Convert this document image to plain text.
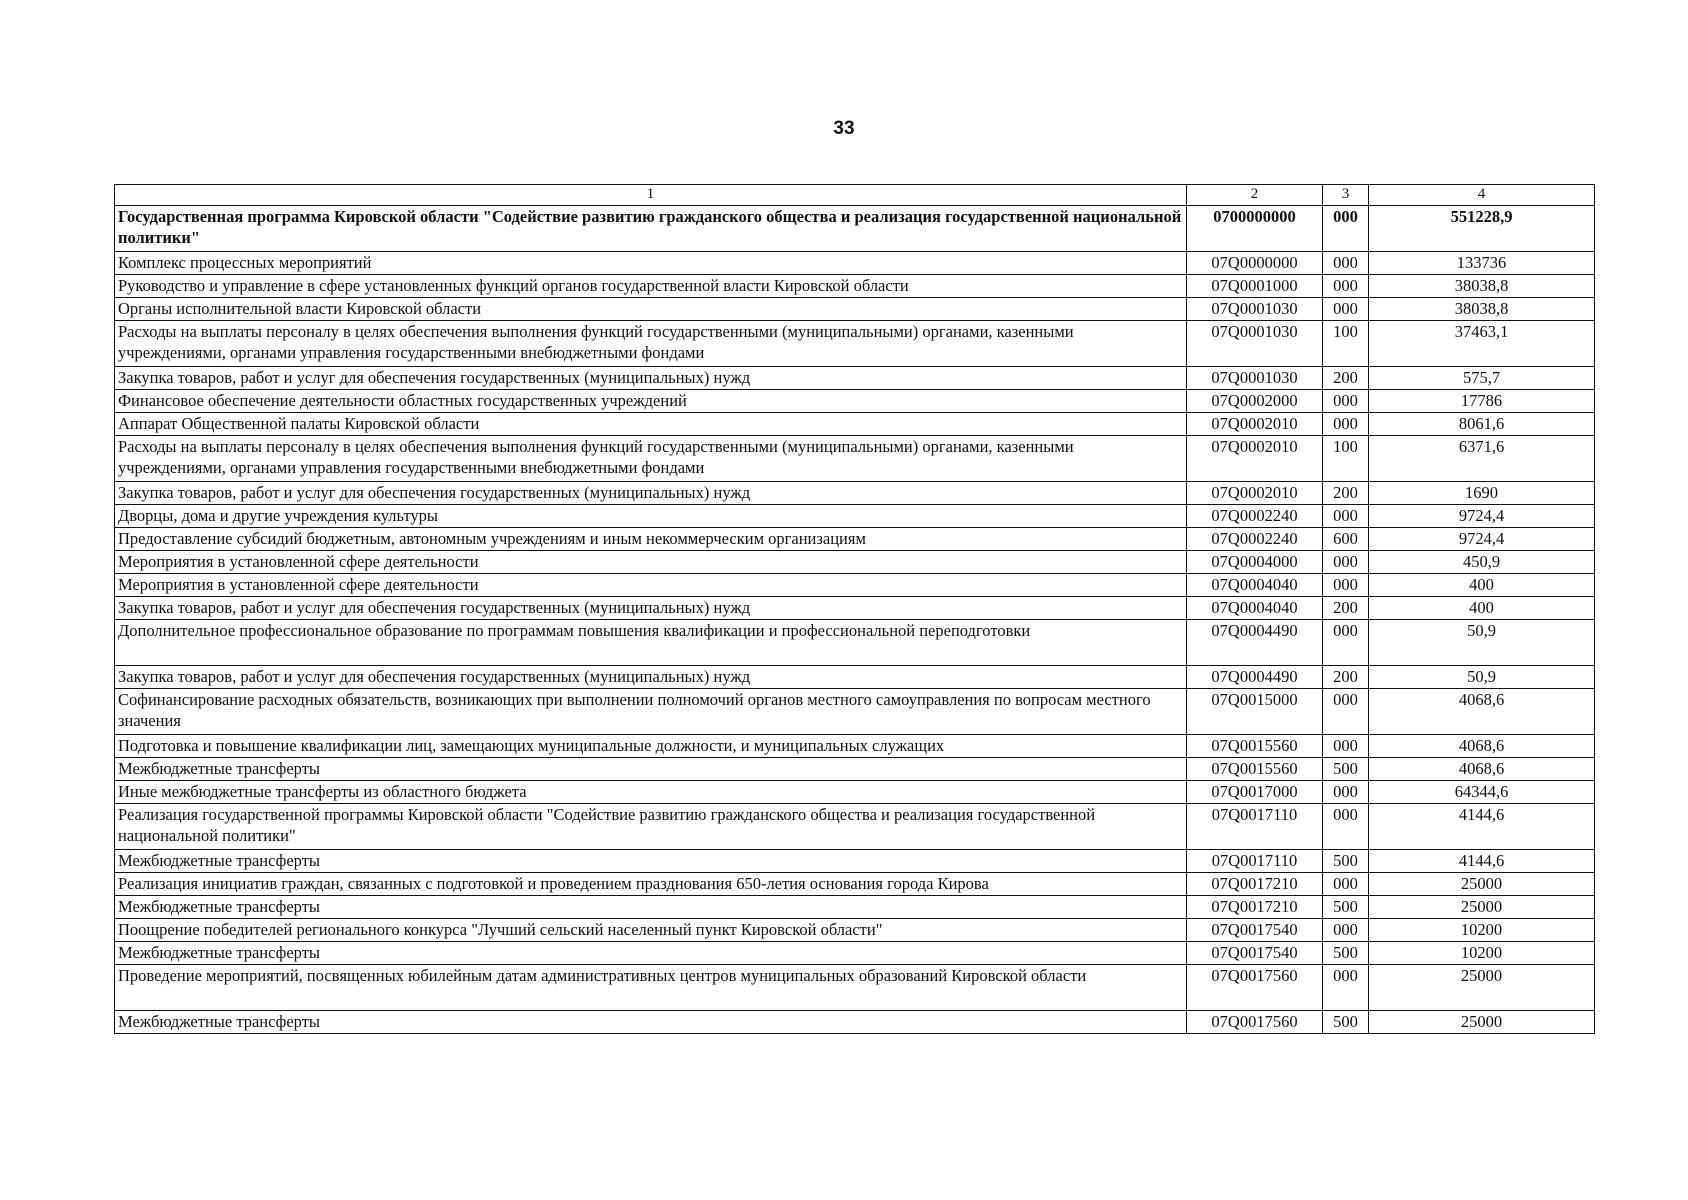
33
1	2	3	4
Государственная программа Кировской области "Содействие развитию гражданского общества и реализация государственной национальной политики"	0700000000	000	551228,9
Комплекс процессных мероприятий	07Q0000000	000	133736
Руководство и управление в сфере установленных функций органов государственной власти Кировской области	07Q0001000	000	38038,8
Органы исполнительной власти Кировской области	07Q0001030	000	38038,8
Расходы на выплаты персоналу в целях обеспечения выполнения функций государственными (муниципальными) органами, казенными учреждениями, органами управления государственными внебюджетными фондами	07Q0001030	100	37463,1
Закупка товаров, работ и услуг для обеспечения государственных (муниципальных) нужд	07Q0001030	200	575,7
Финансовое обеспечение деятельности областных государственных учреждений	07Q0002000	000	17786
Аппарат Общественной палаты Кировской области	07Q0002010	000	8061,6
Расходы на выплаты персоналу в целях обеспечения выполнения функций государственными (муниципальными) органами, казенными учреждениями, органами управления государственными внебюджетными фондами	07Q0002010	100	6371,6
Закупка товаров, работ и услуг для обеспечения государственных (муниципальных) нужд	07Q0002010	200	1690
Дворцы, дома и другие учреждения культуры	07Q0002240	000	9724,4
Предоставление субсидий бюджетным, автономным учреждениям и иным некоммерческим организациям	07Q0002240	600	9724,4
Мероприятия в установленной сфере деятельности	07Q0004000	000	450,9
Мероприятия в установленной сфере деятельности	07Q0004040	000	400
Закупка товаров, работ и услуг для обеспечения государственных (муниципальных) нужд	07Q0004040	200	400
Дополнительное профессиональное образование по программам повышения квалификации и профессиональной переподготовки	07Q0004490	000	50,9
Закупка товаров, работ и услуг для обеспечения государственных (муниципальных) нужд	07Q0004490	200	50,9
Софинансирование расходных обязательств, возникающих при выполнении полномочий органов местного самоуправления по вопросам местного значения	07Q0015000	000	4068,6
Подготовка и повышение квалификации лиц, замещающих муниципальные должности, и муниципальных служащих	07Q0015560	000	4068,6
Межбюджетные трансферты	07Q0015560	500	4068,6
Иные межбюджетные трансферты из областного бюджета	07Q0017000	000	64344,6
Реализация государственной программы Кировской области "Содействие развитию гражданского общества и реализация государственной национальной политики"	07Q0017110	000	4144,6
Межбюджетные трансферты	07Q0017110	500	4144,6
Реализация инициатив граждан, связанных с подготовкой и проведением празднования 650-летия основания города Кирова	07Q0017210	000	25000
Межбюджетные трансферты	07Q0017210	500	25000
Поощрение победителей регионального конкурса "Лучший сельский населенный пункт Кировской области"	07Q0017540	000	10200
Межбюджетные трансферты	07Q0017540	500	10200
Проведение мероприятий, посвященных юбилейным датам административных центров муниципальных образований Кировской области	07Q0017560	000	25000
Межбюджетные трансферты	07Q0017560	500	25000
